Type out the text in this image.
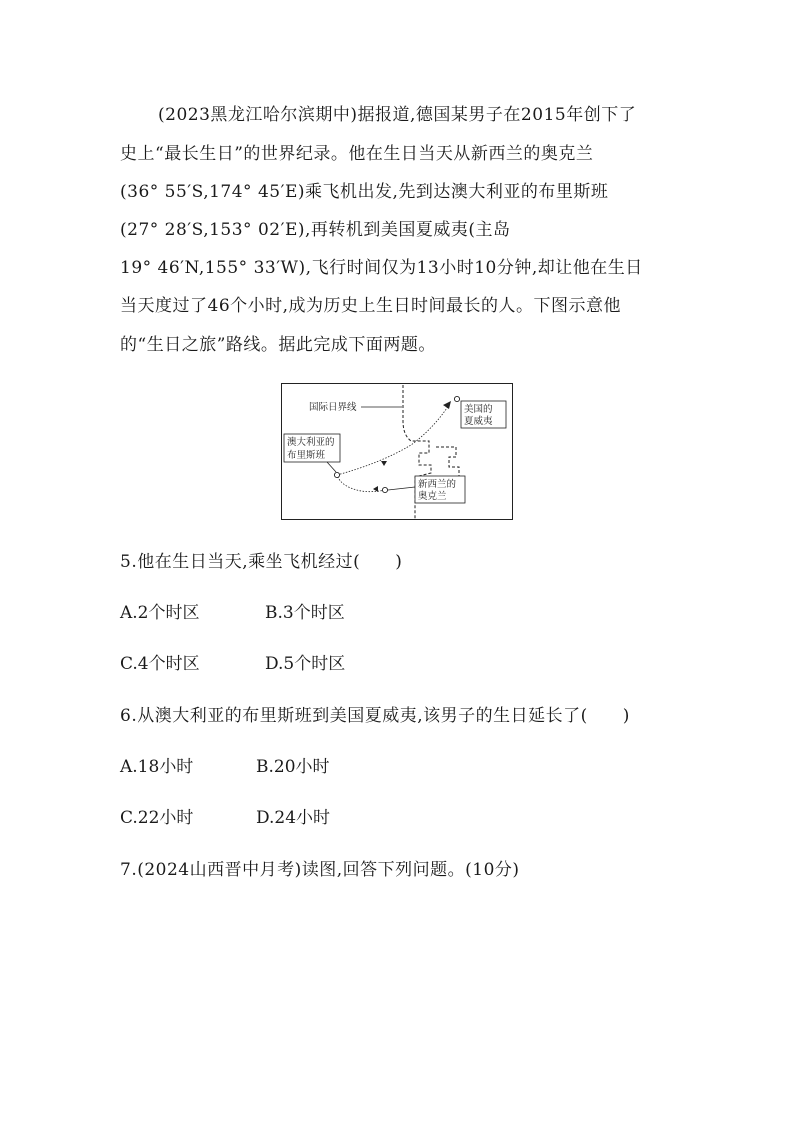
(2023黑龙江哈尔滨期中)据报道,德国某男子在2015年创下了
史上“最长生日”的世界纪录。他在生日当天从新西兰的奥克兰
(36° 55′S,174° 45′E)乘飞机出发,先到达澳大利亚的布里斯班
(27° 28′S,153° 02′E),再转机到美国夏威夷(主岛
19° 46′N,155° 33′W),飞行时间仅为13小时10分钟,却让他在生日
当天度过了46个小时,成为历史上生日时间最长的人。下图示意他
的“生日之旅”路线。据此完成下面两题。
国际日界线	美国的
夏威夷
澳大利亚的
布里斯班
新西兰的
奥克兰
5.他在生日当天,乘坐飞机经过(　　)
A.2个时区	B.3个时区
C.4个时区	D.5个时区
6.从澳大利亚的布里斯班到美国夏威夷,该男子的生日延长了(　　)
A.18小时	B.20小时
C.22小时	D.24小时
7.(2024山西晋中月考)读图,回答下列问题。(10分)
